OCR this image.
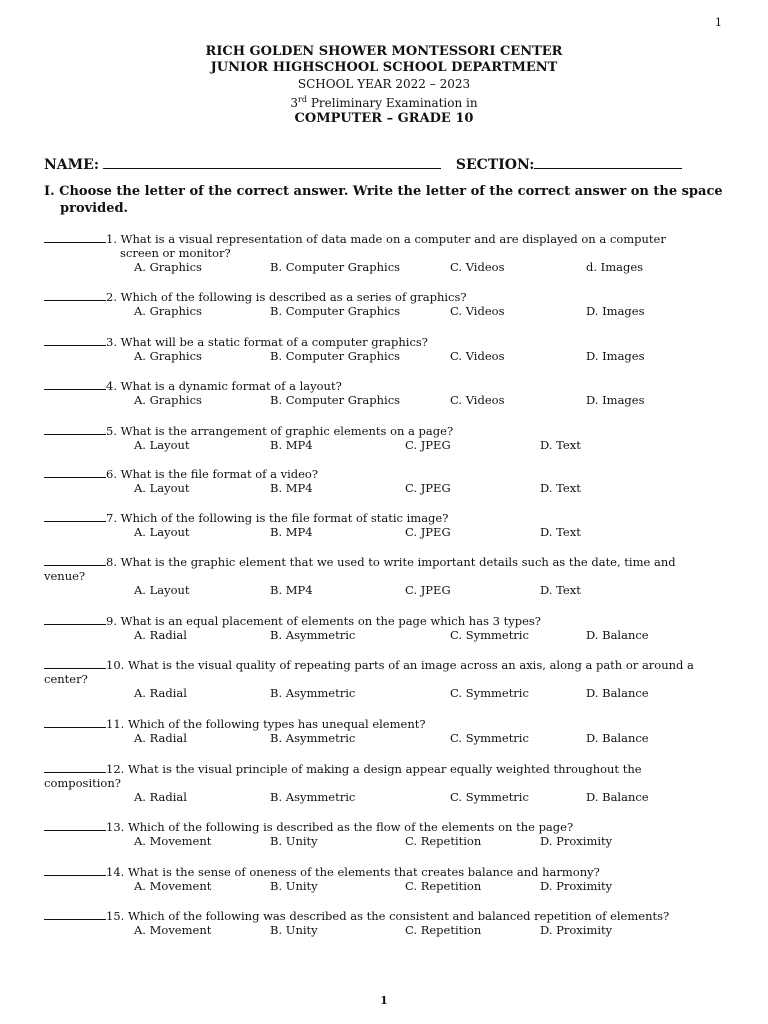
1
RICH GOLDEN SHOWER MONTESSORI CENTER
JUNIOR HIGHSCHOOL SCHOOL DEPARTMENT
SCHOOL YEAR 2022 – 2023
3rd Preliminary Examination in
COMPUTER – GRADE 10
NAME:	SECTION:
I. Choose the letter of the correct answer. Write the letter of the correct answer on the space provided.
1. What is a visual representation of data made on a computer and are displayed on a computer
screen or monitor?
A. Graphics	B. Computer Graphics	C. Videos	d. Images
2. Which of the following is described as a series of graphics?
A. Graphics	B. Computer Graphics	C. Videos	D. Images
3. What will be a static format of a computer graphics?
A. Graphics	B. Computer Graphics	C. Videos	D. Images
4. What is a dynamic format of a layout?
A. Graphics	B. Computer Graphics	C. Videos	D. Images
5. What is the arrangement of graphic elements on a page?
A. Layout	B. MP4	C. JPEG	D. Text
6. What is the file format of a video?
A. Layout	B. MP4	C. JPEG	D. Text
7. Which of the following is the file format of static image?
A. Layout	B. MP4	C. JPEG	D. Text
8. What is the graphic element that we used to write important details such as the date, time and
venue?
A. Layout	B. MP4	C. JPEG	D. Text
9. What is an equal placement of elements on the page which has 3 types?
A. Radial	B. Asymmetric	C. Symmetric	D. Balance
10. What is the visual quality of repeating parts of an image across an axis, along a path or around a
center?
A. Radial	B. Asymmetric	C. Symmetric	D. Balance
11. Which of the following types has unequal element?
A. Radial	B. Asymmetric	C. Symmetric	D. Balance
12. What is the visual principle of making a design appear equally weighted throughout the
composition?
A. Radial	B. Asymmetric	C. Symmetric	D. Balance
13. Which of the following is described as the flow of the elements on the page?
A. Movement	B. Unity	C. Repetition	D. Proximity
14. What is the sense of oneness of the elements that creates balance and harmony?
A. Movement	B. Unity	C. Repetition	D. Proximity
15. Which of the following was described as the consistent and balanced repetition of elements?
A. Movement	B. Unity	C. Repetition	D. Proximity
1
